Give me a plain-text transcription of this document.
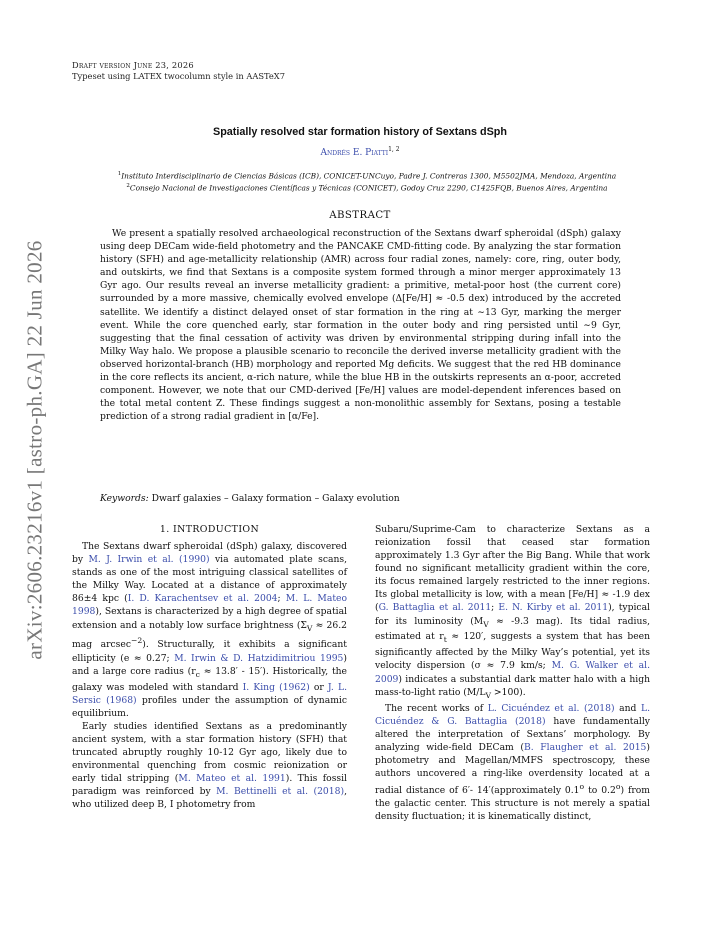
Draft version June 23, 2026
Typeset using LATEX twocolumn style in AASTeX7
arXiv:2606.23216v1 [astro-ph.GA] 22 Jun 2026
Spatially resolved star formation history of Sextans dSph
Andrés E. Piatti$^{1, 2}$
$^1$Instituto Interdisciplinario de Ciencias Básicas (ICB), CONICET-UNCuyo, Padre J. Contreras 1300, M5502JMA, Mendoza, Argentina
$^2$Consejo Nacional de Investigaciones Científicas y Técnicas (CONICET), Godoy Cruz 2290, C1425FQB, Buenos Aires, Argentina
ABSTRACT

We present a spatially resolved archaeological reconstruction of the Sextans dwarf spheroidal (dSph) galaxy using deep DECam wide-field photometry and the PANCAKE CMD-fitting code. By analyzing the star formation history (SFH) and age-metallicity relationship (AMR) across four radial zones, namely: core, ring, outer body, and outskirts, we find that Sextans is a composite system formed through a minor merger approximately 13 Gyr ago. Our results reveal an inverse metallicity gradient: a primitive, metal-poor host (the current core) surrounded by a more massive, chemically evolved envelope (Δ[Fe/H] ≈ -0.5 dex) introduced by the accreted satellite. We identify a distinct delayed onset of star formation in the ring at ∼13 Gyr, marking the merger event. While the core quenched early, star formation in the outer body and ring persisted until ∼9 Gyr, suggesting that the final cessation of activity was driven by environmental stripping during infall into the Milky Way halo. We propose a plausible scenario to reconcile the derived inverse metallicity gradient with the observed horizontal-branch (HB) morphology and reported Mg deficits. We suggest that the red HB dominance in the core reflects its ancient, α-rich nature, while the blue HB in the outskirts represents an α-poor, accreted component. However, we note that our CMD-derived [Fe/H] values are model-dependent inferences based on the total metal content Z. These findings suggest a non-monolithic assembly for Sextans, posing a testable prediction of a strong radial gradient in [α/Fe].

Keywords: Dwarf galaxies – Galaxy formation – Galaxy evolution
1. INTRODUCTION

The Sextans dwarf spheroidal (dSph) galaxy, discovered by M. J. Irwin et al. (1990) via automated plate scans, stands as one of the most intriguing classical satellites of the Milky Way. Located at a distance of approximately 86±4 kpc (I. D. Karachentsev et al. 2004; M. L. Mateo 1998), Sextans is characterized by a high degree of spatial extension and a notably low surface brightness ($\Sigma_V \approx 26.2$ mag arcsec$^{-2}$). Structurally, it exhibits a significant ellipticity (e ≈ 0.27; M. Irwin & D. Hatzidimitriou 1995) and a large core radius $(r_c \approx 13.8' - 15')$. Historically, the galaxy was modeled with standard I. King (1962) or J. L. Sersic (1968) profiles under the assumption of dynamic equilibrium.

Early studies identified Sextans as a predominantly ancient system, with a star formation history (SFH) that truncated abruptly roughly 10-12 Gyr ago, likely due to environmental quenching from cosmic reionization or early tidal stripping (M. Mateo et al. 1991). This fossil paradigm was reinforced by M. Bettinelli et al. (2018), who utilized deep B, I photometry from

Subaru/Suprime-Cam to characterize Sextans as a reionization fossil that ceased star formation approximately 1.3 Gyr after the Big Bang. While that work found no significant metallicity gradient within the core, its focus remained largely restricted to the inner regions. Its global metallicity is low, with a mean [Fe/H] ≈ -1.9 dex (G. Battaglia et al. 2011; E. N. Kirby et al. 2011), typical for its luminosity ($M_V \approx -9.3$ mag). Its tidal radius, estimated at $r_t \approx 120'$, suggests a system that has been significantly affected by the Milky Way’s potential, yet its velocity dispersion (σ ≈ 7.9 km/s; M. G. Walker et al. 2009) indicates a substantial dark matter halo with a high mass-to-light ratio $(M/L_V >100)$.

The recent works of L. Cicuéndez et al. (2018) and L. Cicuéndez & G. Battaglia (2018) have fundamentally altered the interpretation of Sextans’ morphology. By analyzing wide-field DECam (B. Flaugher et al. 2015) photometry and Magellan/MMFS spectroscopy, these authors uncovered a ring-like overdensity located at a radial distance of 6′- 14′(approximately 0.1$^o$ to 0.2$^o$) from the galactic center. This structure is not merely a spatial density fluctuation; it is kinematically distinct,
